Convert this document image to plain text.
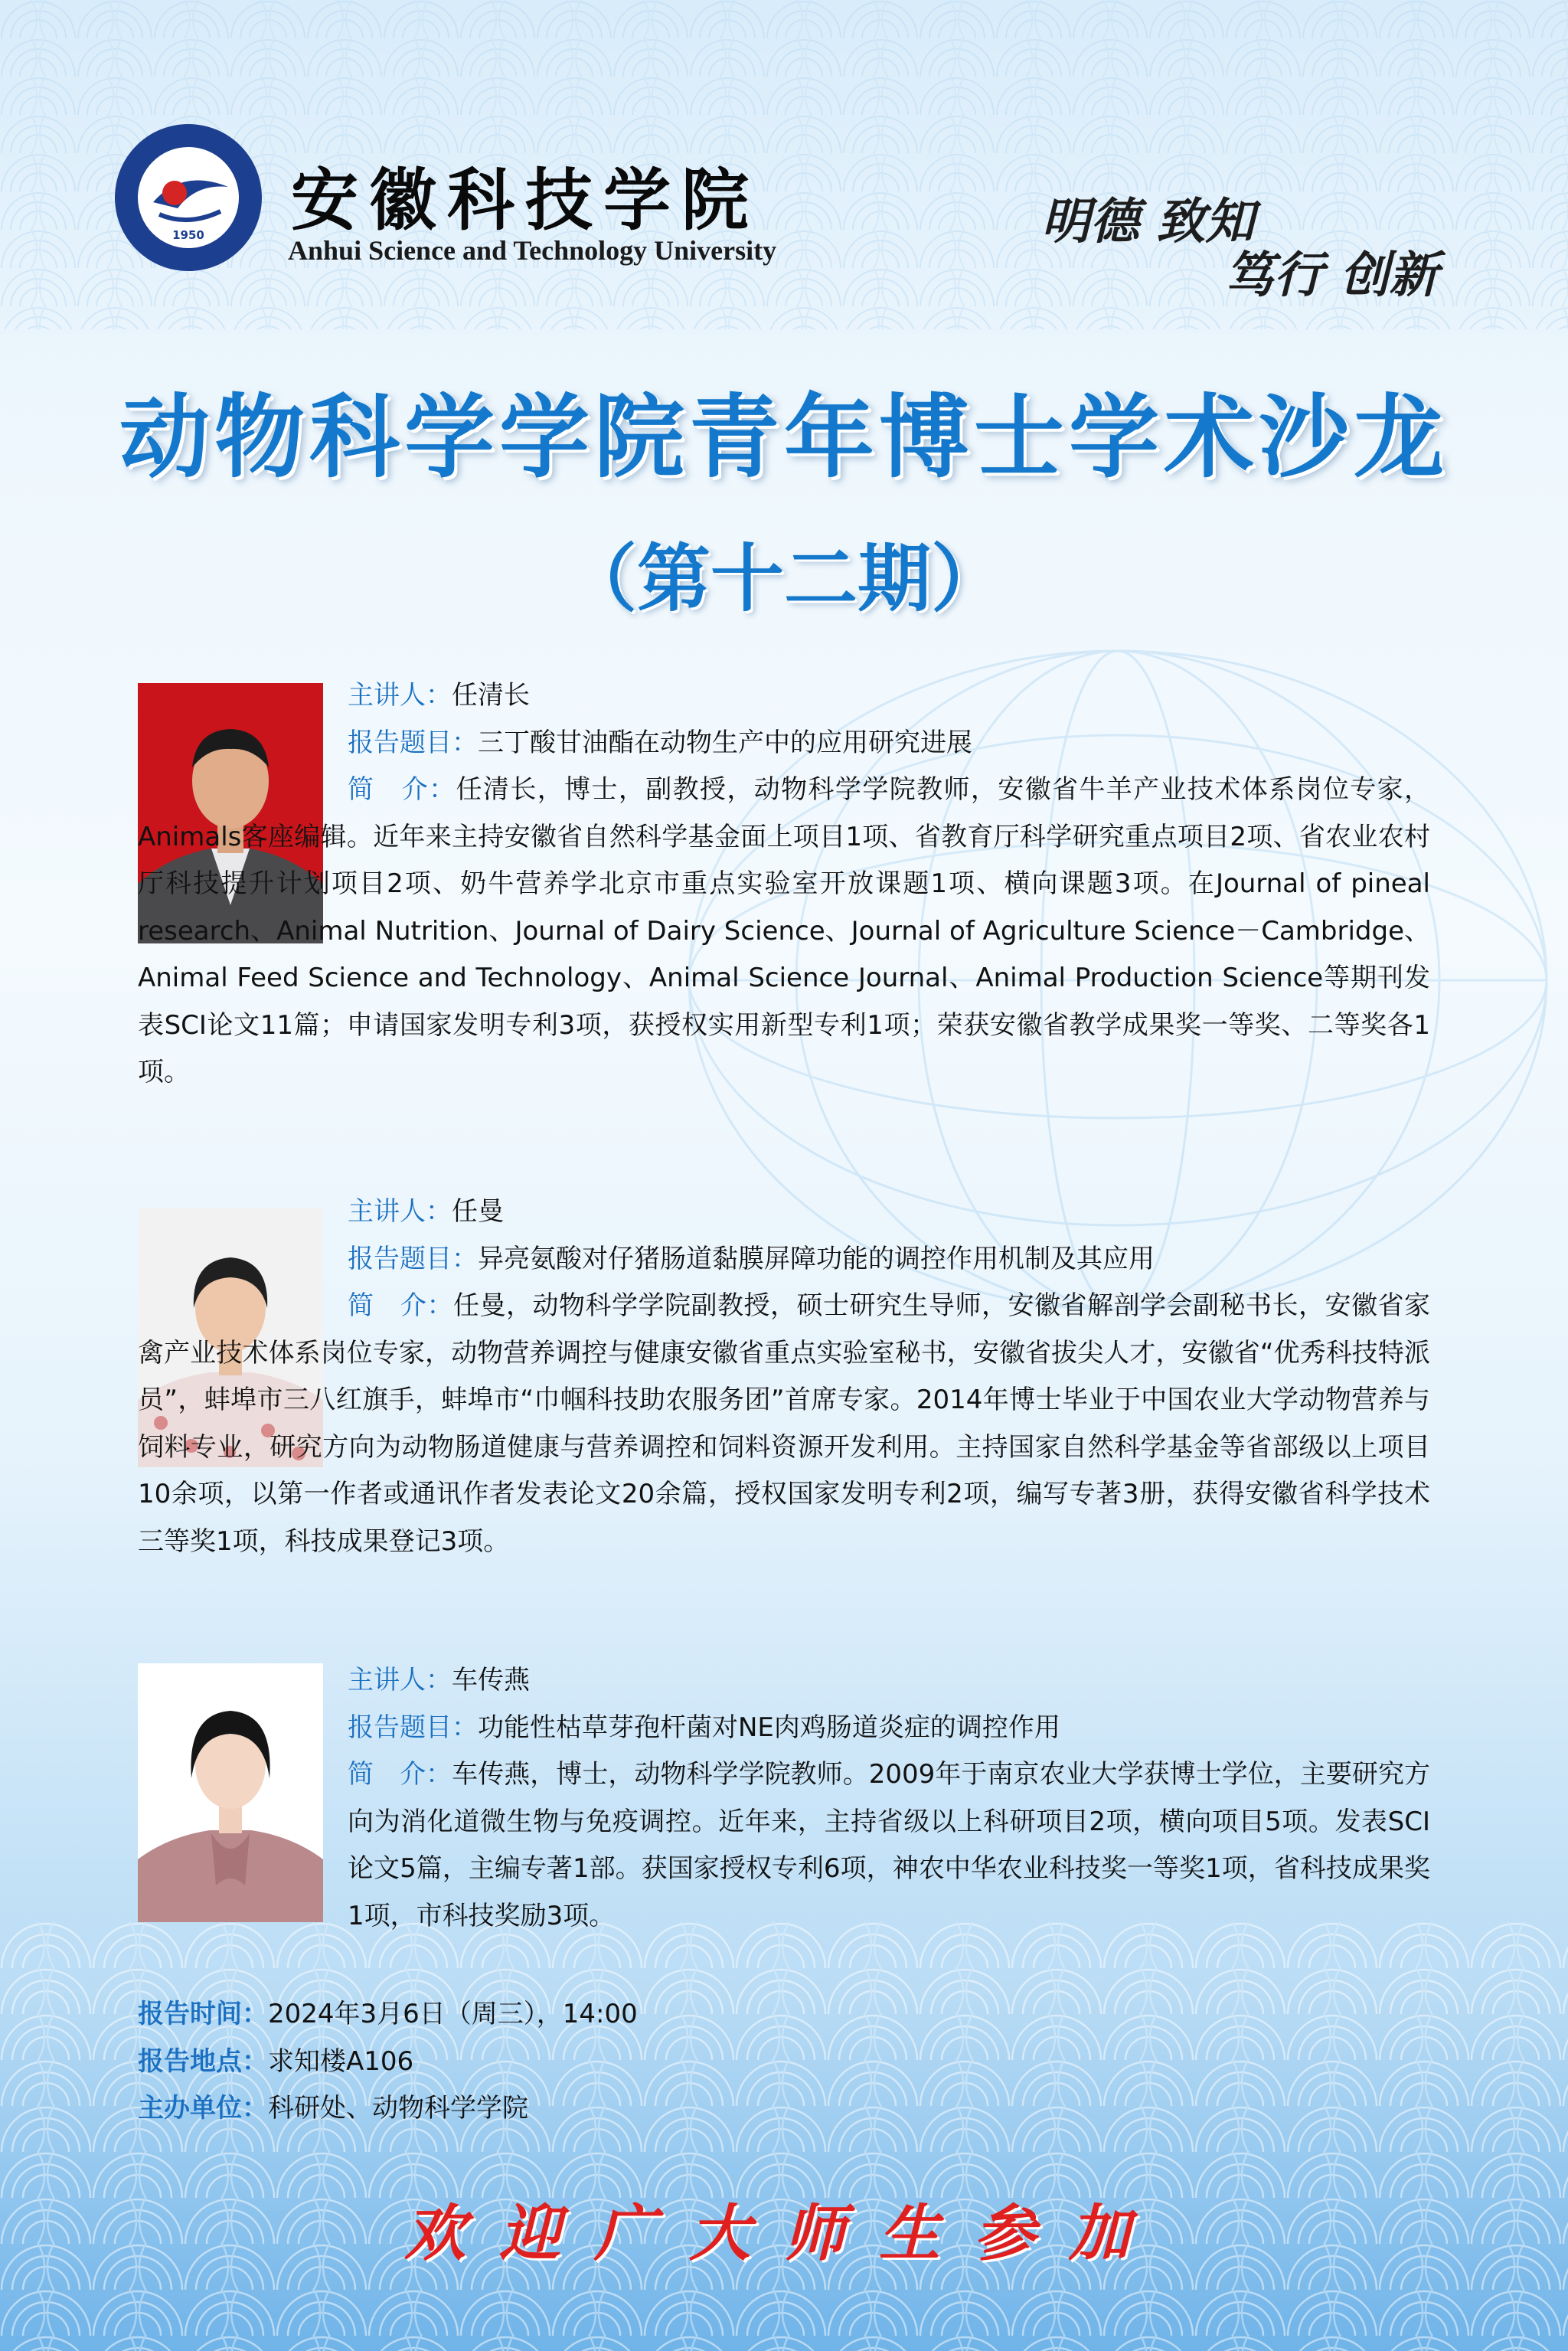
1950 安徽科技学院
Anhui Science and Technology University	明德 致知
笃行 创新
动物科学学院青年博士学术沙龙
（第十二期）
主讲人：任清长
报告题目：三丁酸甘油酯在动物生产中的应用研究进展

简　介：任清长，博士，副教授，动物科学学院教师，安徽省牛羊产业技术体系岗位专家，Animals客座编辑。近年来主持安徽省自然科学基金面上项目1项、省教育厅科学研究重点项目2项、省农业农村厅科技提升计划项目2项、奶牛营养学北京市重点实验室开放课题1项、横向课题3项。在Journal of pineal research、Animal Nutrition、Journal of Dairy Science、Journal of Agriculture Science－Cambridge、Animal Feed Science and Technology、Animal Science Journal、Animal Production Science等期刊发表SCI论文11篇；申请国家发明专利3项，获授权实用新型专利1项；荣获安徽省教学成果奖一等奖、二等奖各1项。

主讲人：任曼
报告题目：异亮氨酸对仔猪肠道黏膜屏障功能的调控作用机制及其应用

简　介：任曼，动物科学学院副教授，硕士研究生导师，安徽省解剖学会副秘书长，安徽省家禽产业技术体系岗位专家，动物营养调控与健康安徽省重点实验室秘书，安徽省拔尖人才，安徽省“优秀科技特派员”，蚌埠市三八红旗手，蚌埠市“巾帼科技助农服务团”首席专家。2014年博士毕业于中国农业大学动物营养与饲料专业，研究方向为动物肠道健康与营养调控和饲料资源开发利用。主持国家自然科学基金等省部级以上项目10余项，以第一作者或通讯作者发表论文20余篇，授权国家发明专利2项，编写专著3册，获得安徽省科学技术三等奖1项，科技成果登记3项。

主讲人：车传燕
报告题目：功能性枯草芽孢杆菌对NE肉鸡肠道炎症的调控作用

简　介：车传燕，博士，动物科学学院教师。2009年于南京农业大学获博士学位，主要研究方向为消化道微生物与免疫调控。近年来，主持省级以上科研项目2项，横向项目5项。发表SCI论文5篇，主编专著1部。获国家授权专利6项，神农中华农业科技奖一等奖1项，省科技成果奖1项，市科技奖励3项。

报告时间：2024年3月6日（周三），14:00
报告地点：求知楼A106
主办单位：科研处、动物科学学院
欢迎广大师生参加
